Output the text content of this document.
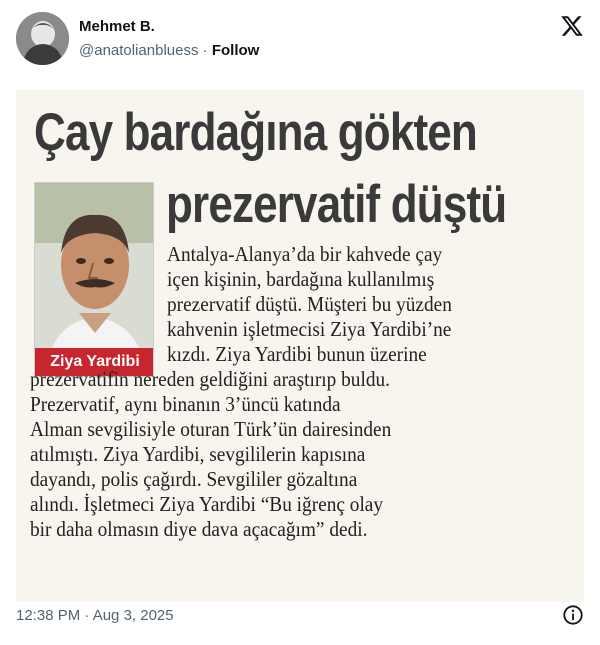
Mehmet B.
@anatolianbluess · Follow
Çay bardağına gökten
prezervatif düştü
Ziya Yardibi
Antalya-Alanya’da bir kahvede çay
içen kişinin, bardağına kullanılmış
prezervatif düştü. Müşteri bu yüzden
kahvenin işletmecisi Ziya Yardibi’ne
kızdı. Ziya Yardibi bunun üzerine
prezervatifin nereden geldiğini araştırıp buldu.
Prezervatif, aynı binanın 3’üncü katında
Alman sevgilisiyle oturan Türk’ün dairesinden
atılmıştı. Ziya Yardibi, sevgililerin kapısına
dayandı, polis çağırdı. Sevgililer gözaltına
alındı. İşletmeci Ziya Yardibi “Bu iğrenç olay
bir daha olmasın diye dava açacağım” dedi.
12:38 PM · Aug 3, 2025
